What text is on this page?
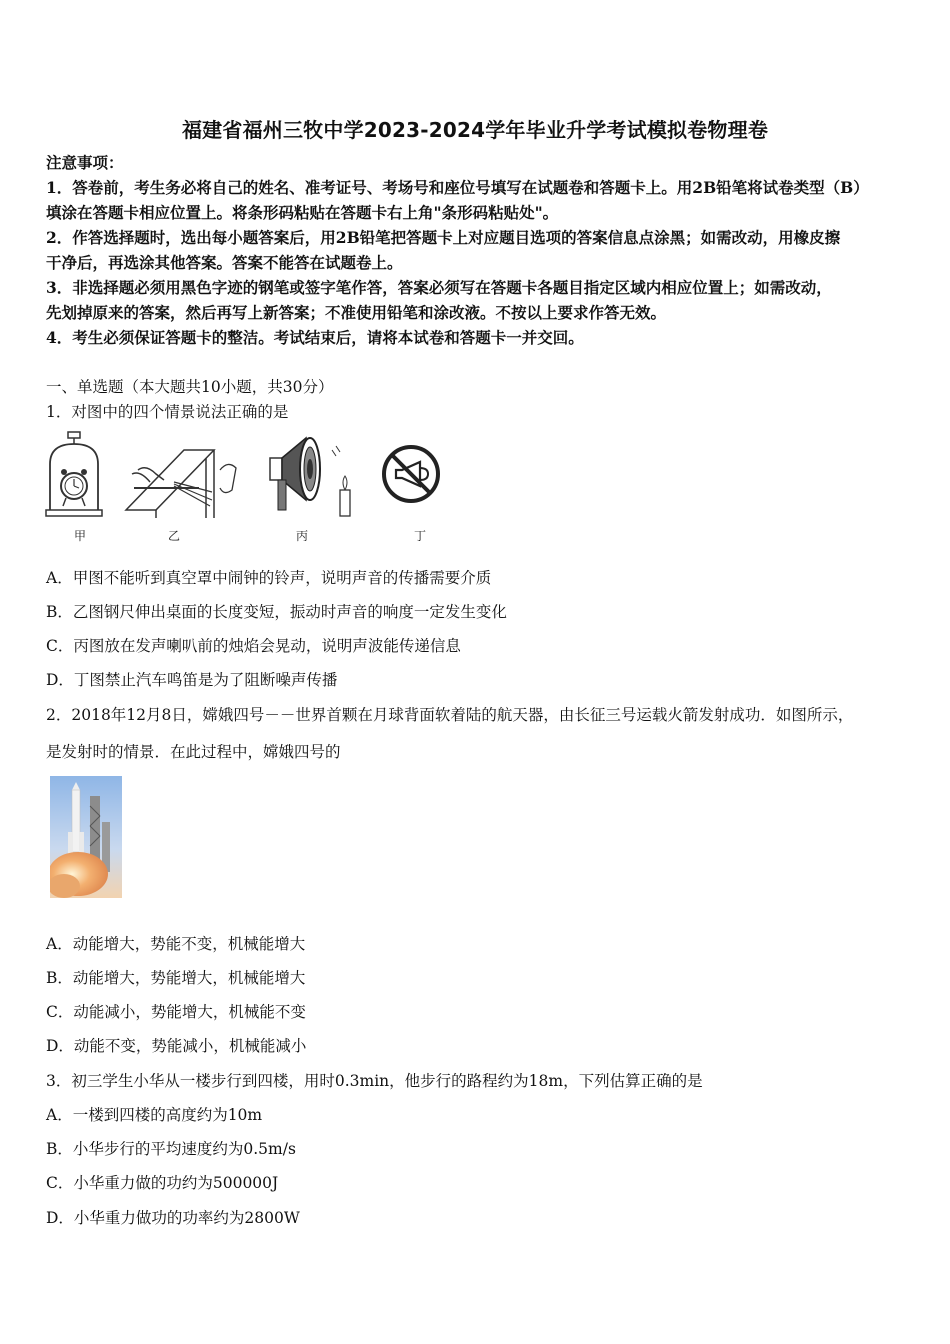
福建省福州三牧中学2023-2024学年毕业升学考试模拟卷物理卷
注意事项：
1．答卷前，考生务必将自己的姓名、准考证号、考场号和座位号填写在试题卷和答题卡上。用2B铅笔将试卷类型（B）
填涂在答题卡相应位置上。将条形码粘贴在答题卡右上角"条形码粘贴处"。
2．作答选择题时，选出每小题答案后，用2B铅笔把答题卡上对应题目选项的答案信息点涂黑；如需改动，用橡皮擦
干净后，再选涂其他答案。答案不能答在试题卷上。
3．非选择题必须用黑色字迹的钢笔或签字笔作答，答案必须写在答题卡各题目指定区域内相应位置上；如需改动，
先划掉原来的答案，然后再写上新答案；不准使用铅笔和涂改液。不按以上要求作答无效。
4．考生必须保证答题卡的整洁。考试结束后，请将本试卷和答题卡一并交回。
一、单选题（本大题共10小题，共30分）
1．对图中的四个情景说法正确的是
甲	乙	丙	丁
A．甲图不能听到真空罩中闹钟的铃声，说明声音的传播需要介质
B．乙图钢尺伸出桌面的长度变短，振动时声音的响度一定发生变化
C．丙图放在发声喇叭前的烛焰会晃动，说明声波能传递信息
D．丁图禁止汽车鸣笛是为了阻断噪声传播
2．2018年12月8日，嫦娥四号－－世界首颗在月球背面软着陆的航天器，由长征三号运载火箭发射成功．如图所示，
是发射时的情景．在此过程中，嫦娥四号的
A．动能增大，势能不变，机械能增大
B．动能增大，势能增大，机械能增大
C．动能减小，势能增大，机械能不变
D．动能不变，势能减小，机械能减小
3．初三学生小华从一楼步行到四楼，用时0.3min，他步行的路程约为18m，下列估算正确的是
A．一楼到四楼的高度约为10m
B．小华步行的平均速度约为0.5m/s
C．小华重力做的功约为500000J
D．小华重力做功的功率约为2800W
